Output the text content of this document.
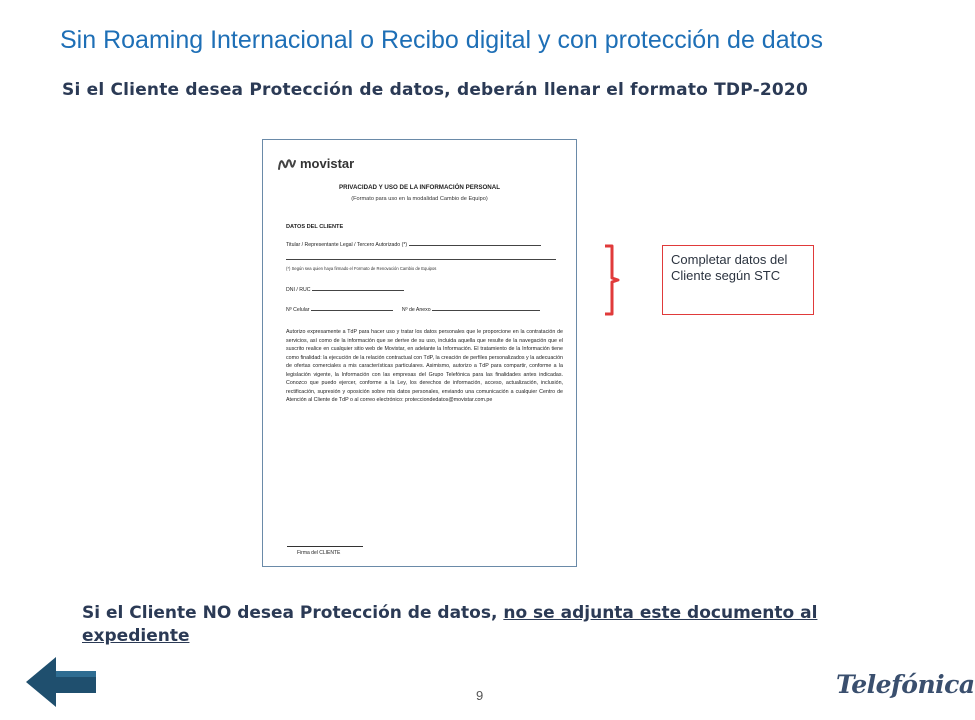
Sin Roaming Internacional o Recibo digital y con protección de datos
Si el Cliente desea Protección de datos, deberán llenar el formato TDP-2020
movistar
PRIVACIDAD Y USO DE LA INFORMACIÓN PERSONAL
(Formato para uso en la modalidad Cambio de Equipo)
DATOS DEL CLIENTE
Titular / Representante Legal / Tercero Autorizado (*)
(*) Según sea quien haya firmado el Formato de Renovación Cambio de Equipos
DNI / RUC
Nº Celular	Nº de Anexo
Autorizo expresamente a TdP para hacer uso y tratar los datos personales que le proporcione en la contratación de servicios, así como de la información que se derive de su uso, incluida aquella que resulte de la navegación que el suscrito realice en cualquier sitio web de Movistar, en adelante la Información. El tratamiento de la Información tiene como finalidad: la ejecución de la relación contractual con TdP, la creación de perfiles personalizados y la adecuación de ofertas comerciales a mis características particulares. Asimismo, autorizo a TdP para compartir, conforme a la legislación vigente, la Información con las empresas del Grupo Telefónica para las finalidades antes indicadas. Conozco que puedo ejercer, conforme a la Ley, los derechos de información, acceso, actualización, inclusión, rectificación, supresión y oposición sobre mis datos personales, enviando una comunicación a cualquier Centro de Atención al Cliente de TdP o al correo electrónico: protecciondedatos@movistar.com.pe
Firma del CLIENTE
Completar datos del Cliente según STC
Si el Cliente NO desea Protección de datos, no se adjunta este documento al expediente
9	Telefónica
